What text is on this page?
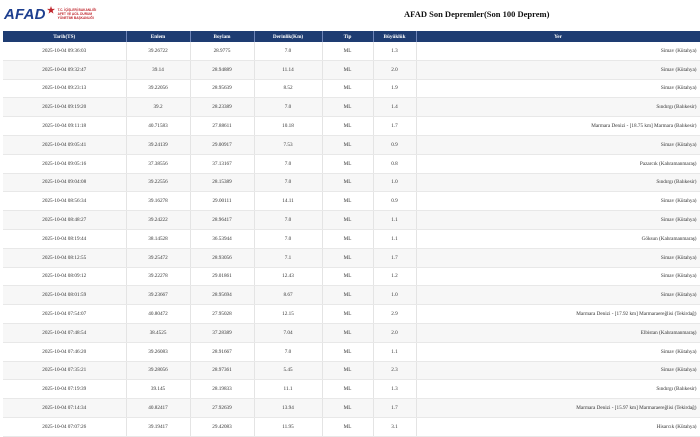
AFAD	T.C. İÇİŞLERİ BAKANLIĞI
AFET VE ACİL DURUM
YÖNETİMİ BAŞKANLIĞI	AFAD Son Depremler(Son 100 Deprem)
Tarih(TS)	Enlem	Boylam	Derinlik(Km)	Tip	Büyüklük	Yer
2025-10-04 09:36:03	39.26722	28.9775	7.0	ML	1.3	Simav (Kütahya)
2025-10-04 09:32:47	39.14	28.94889	11.14	ML	2.0	Simav (Kütahya)
2025-10-04 09:23:13	39.22056	28.95639	8.52	ML	1.9	Simav (Kütahya)
2025-10-04 09:19:20	39.2	28.23389	7.0	ML	1.4	Sındırgı (Balıkesir)
2025-10-04 09:11:18	40.71583	27.88611	10.18	ML	1.7	Marmara Denizi - [18.75 km] Marmara (Balıkesir)
2025-10-04 09:05:41	39.24139	29.00917	7.53	ML	0.9	Simav (Kütahya)
2025-10-04 09:05:16	37.38556	37.13167	7.0	ML	0.8	Pazarcık (Kahramanmaraş)
2025-10-04 09:04:08	39.22556	28.15389	7.0	ML	1.0	Sındırgı (Balıkesir)
2025-10-04 08:56:34	39.16278	29.00111	14.11	ML	0.9	Simav (Kütahya)
2025-10-04 08:48:27	39.24222	28.96417	7.0	ML	1.1	Simav (Kütahya)
2025-10-04 08:19:44	38.14528	36.53944	7.0	ML	1.1	Göksun (Kahramanmaraş)
2025-10-04 08:12:55	39.25472	28.93056	7.1	ML	1.7	Simav (Kütahya)
2025-10-04 08:09:12	39.22278	29.01861	12.43	ML	1.2	Simav (Kütahya)
2025-10-04 08:01:59	39.23667	28.95694	8.67	ML	1.0	Simav (Kütahya)
2025-10-04 07:54:07	40.80472	27.95028	12.15	ML	2.9	Marmara Denizi - [17.92 km] Marmaraereğlisi (Tekirdağ)
2025-10-04 07:48:54	38.4525	37.28389	7.04	ML	2.0	Elbistan (Kahramanmaraş)
2025-10-04 07:46:20	39.26083	28.91667	7.0	ML	1.1	Simav (Kütahya)
2025-10-04 07:35:21	39.28056	28.97361	5.45	ML	2.3	Simav (Kütahya)
2025-10-04 07:19:39	39.145	28.19833	11.1	ML	1.3	Sındırgı (Balıkesir)
2025-10-04 07:14:34	40.82417	27.92639	13.94	ML	1.7	Marmara Denizi - [15.97 km] Marmaraereğlisi (Tekirdağ)
2025-10-04 07:07:26	39.19417	29.42083	11.95	ML	3.1	Hisarcık (Kütahya)
